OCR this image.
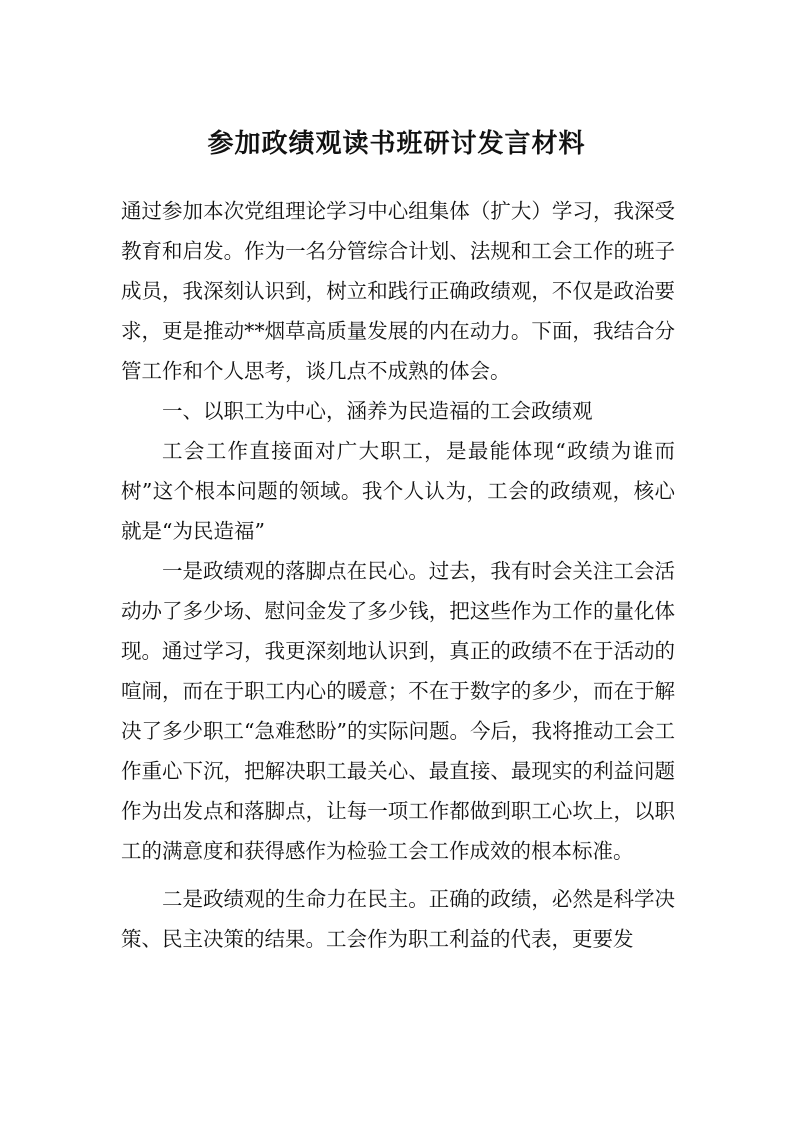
参加政绩观读书班研讨发言材料

通过参加本次党组理论学习中心组集体（扩大）学习，我深受教育和启发。作为一名分管综合计划、法规和工会工作的班子成员，我深刻认识到，树立和践行正确政绩观，不仅是政治要求，更是推动**烟草高质量发展的内在动力。下面，我结合分管工作和个人思考，谈几点不成熟的体会。

一、以职工为中心，涵养为民造福的工会政绩观

工会工作直接面对广大职工，是最能体现“政绩为谁而树”这个根本问题的领域。我个人认为，工会的政绩观，核心就是“为民造福”

一是政绩观的落脚点在民心。过去，我有时会关注工会活动办了多少场、慰问金发了多少钱，把这些作为工作的量化体现。通过学习，我更深刻地认识到，真正的政绩不在于活动的喧闹，而在于职工内心的暖意；不在于数字的多少，而在于解决了多少职工“急难愁盼”的实际问题。今后，我将推动工会工作重心下沉，把解决职工最关心、最直接、最现实的利益问题作为出发点和落脚点，让每一项工作都做到职工心坎上，以职工的满意度和获得感作为检验工会工作成效的根本标准。

二是政绩观的生命力在民主。正确的政绩，必然是科学决策、民主决策的结果。工会作为职工利益的代表，更要发
